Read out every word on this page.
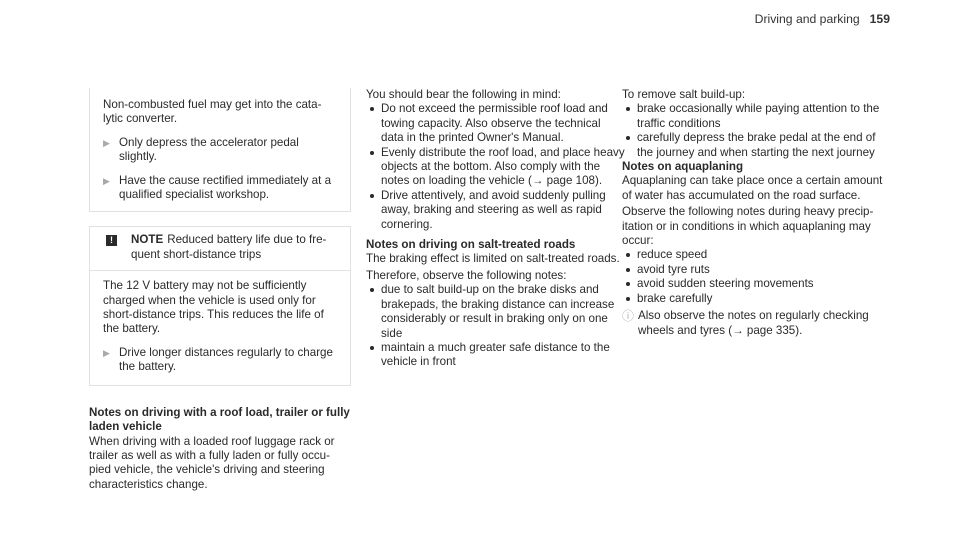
Driving and parking 159

Non-combusted fuel may get into the cata-lytic converter.

▶ Only depress the accelerator pedal slightly.
▶ Have the cause rectified immediately at a qualified specialist workshop.
!	NOTE Reduced battery life due to fre-quent short-distance trips

The 12 V battery may not be sufficiently charged when the vehicle is used only for short-distance trips. This reduces the life of the battery.

▶ Drive longer distances regularly to charge the battery.

Notes on driving with a roof load, trailer or fully laden vehicle

When driving with a loaded roof luggage rack or trailer as well as with a fully laden or fully occu-pied vehicle, the vehicle's driving and steering characteristics change.

You should bear the following in mind:

Do not exceed the permissible roof load and towing capacity. Also observe the technical data in the printed Owner's Manual.
Evenly distribute the roof load, and place heavy objects at the bottom. Also comply with the notes on loading the vehicle (→ page 108).
Drive attentively, and avoid suddenly pulling away, braking and steering as well as rapid cornering.

Notes on driving on salt-treated roads

The braking effect is limited on salt-treated roads.

Therefore, observe the following notes:

due to salt build-up on the brake disks and brakepads, the braking distance can increase considerably or result in braking only on one side
maintain a much greater safe distance to the vehicle in front

To remove salt build-up:

brake occasionally while paying attention to the traffic conditions
carefully depress the brake pedal at the end of the journey and when starting the next journey

Notes on aquaplaning

Aquaplaning can take place once a certain amount of water has accumulated on the road surface.

Observe the following notes during heavy precip-itation or in conditions in which aquaplaning may occur:

reduce speed
avoid tyre ruts
avoid sudden steering movements
brake carefully
ⓘ Also observe the notes on regularly checking wheels and tyres (→ page 335).
